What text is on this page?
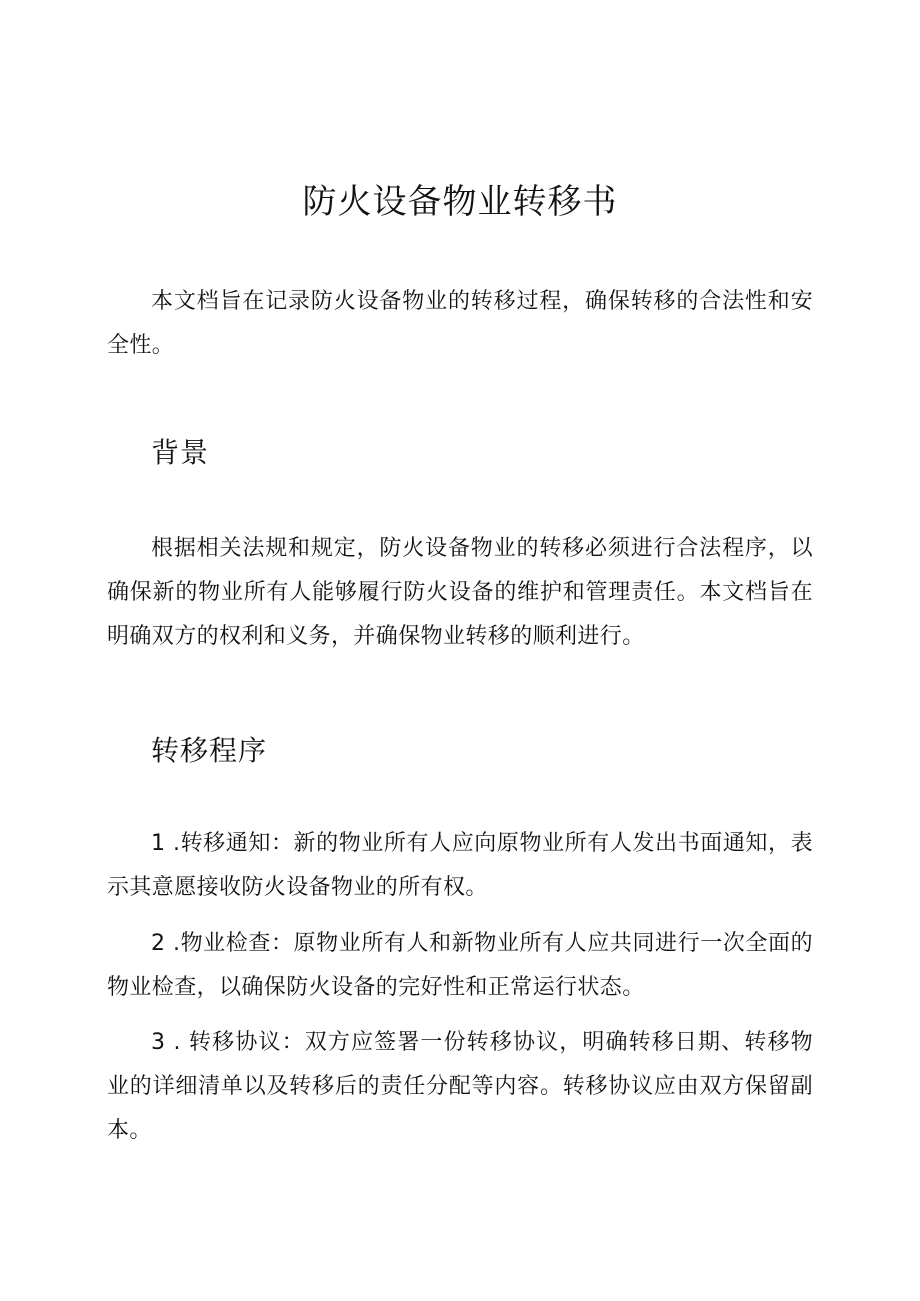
防火设备物业转移书

本文档旨在记录防火设备物业的转移过程，确保转移的合法性和安全性。

背景

根据相关法规和规定，防火设备物业的转移必须进行合法程序，以确保新的物业所有人能够履行防火设备的维护和管理责任。本文档旨在明确双方的权利和义务，并确保物业转移的顺利进行。

转移程序

1 .转移通知：新的物业所有人应向原物业所有人发出书面通知，表示其意愿接收防火设备物业的所有权。

2 .物业检查：原物业所有人和新物业所有人应共同进行一次全面的物业检查，以确保防火设备的完好性和正常运行状态。

3 . 转移协议：双方应签署一份转移协议，明确转移日期、转移物业的详细清单以及转移后的责任分配等内容。转移协议应由双方保留副本。
